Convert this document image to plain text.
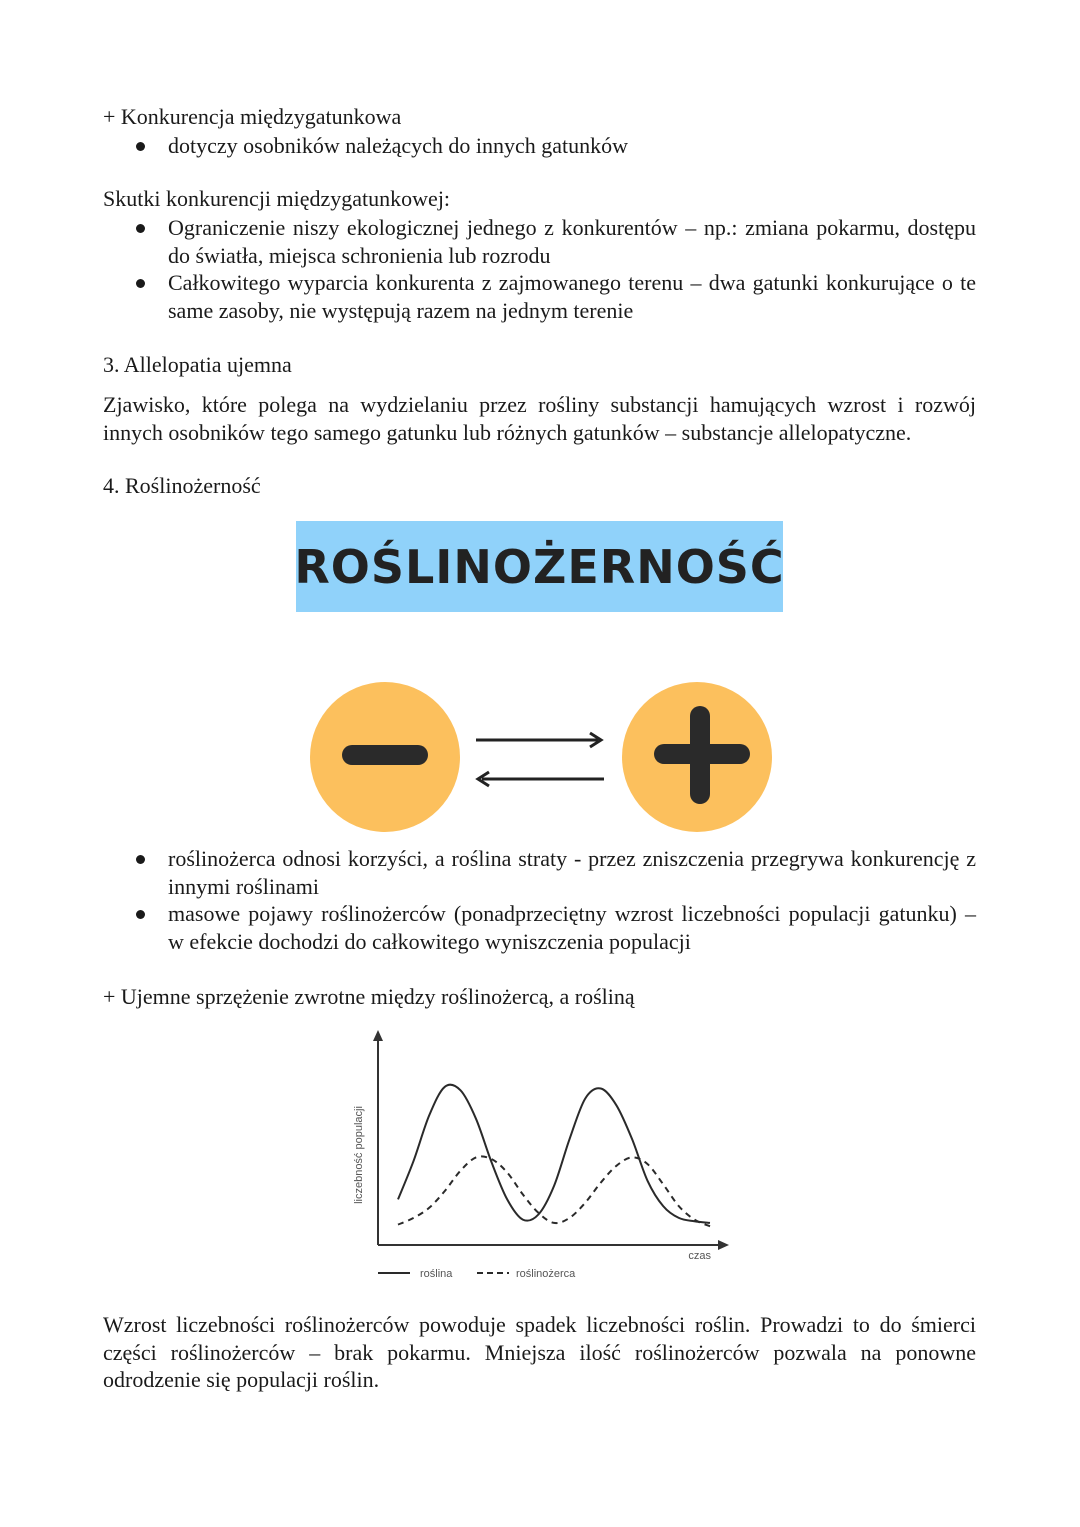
+ Konkurencja międzygatunkowa
dotyczy osobników należących do innych gatunków
Skutki konkurencji międzygatunkowej:
Ograniczenie niszy ekologicznej jednego z konkurentów – np.: zmiana pokarmu, dostępu do światła, miejsca schronienia lub rozrodu
Całkowitego wyparcia konkurenta z zajmowanego terenu – dwa gatunki konkurujące o te same zasoby, nie występują razem na jednym terenie
3. Allelopatia ujemna
Zjawisko, które polega na wydzielaniu przez rośliny substancji hamujących wzrost i rozwój innych osobników tego samego gatunku lub różnych gatunków – substancje allelopatyczne.
4. Roślinożerność
ROŚLINOŻERNOŚĆ
roślinożerca odnosi korzyści, a roślina straty - przez zniszczenia przegrywa konkurencję z innymi roślinami
masowe pojawy roślinożerców (ponadprzeciętny wzrost liczebności populacji gatunku) – w efekcie dochodzi do całkowitego wyniszczenia populacji
+ Ujemne sprzężenie zwrotne między roślinożercą, a rośliną
liczebność populacji
czas
roślina	roślinożerca
Wzrost liczebności roślinożerców powoduje spadek liczebności roślin. Prowadzi to do śmierci części roślinożerców – brak pokarmu. Mniejsza ilość roślinożerców pozwala na ponowne odrodzenie się populacji roślin.
